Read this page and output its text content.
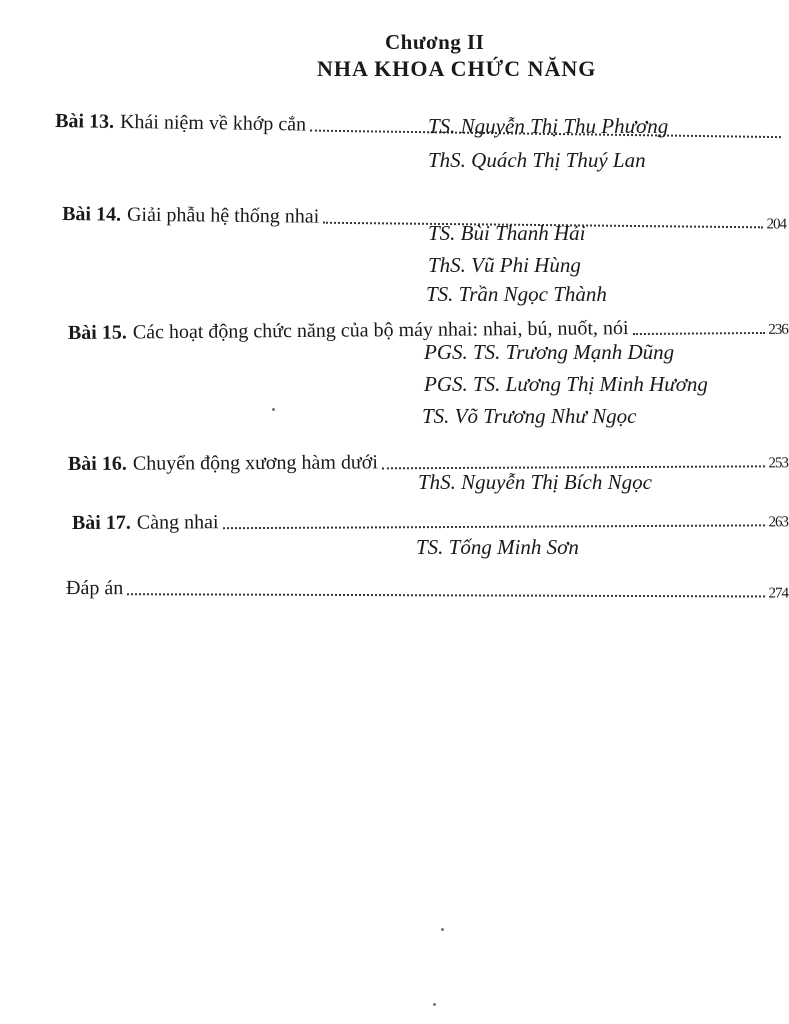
Chương II
NHA KHOA CHỨC NĂNG
Bài 13. Khái niệm về khớp cắn	TS. Nguyễn Thị Thu Phương
ThS. Quách Thị Thuý Lan
Bài 14. Giải phẫu hệ thống nhai	204
TS. Bùi Thanh Hải
ThS. Vũ Phi Hùng
TS. Trần Ngọc Thành
Bài 15. Các hoạt động chức năng của bộ máy nhai: nhai, bú, nuốt, nói	236
PGS. TS. Trương Mạnh Dũng
PGS. TS. Lương Thị Minh Hương
TS. Võ Trương Như Ngọc
Bài 16. Chuyển động xương hàm dưới	253
ThS. Nguyễn Thị Bích Ngọc
Bài 17. Càng nhai	263
TS. Tống Minh Sơn
Đáp án	274
